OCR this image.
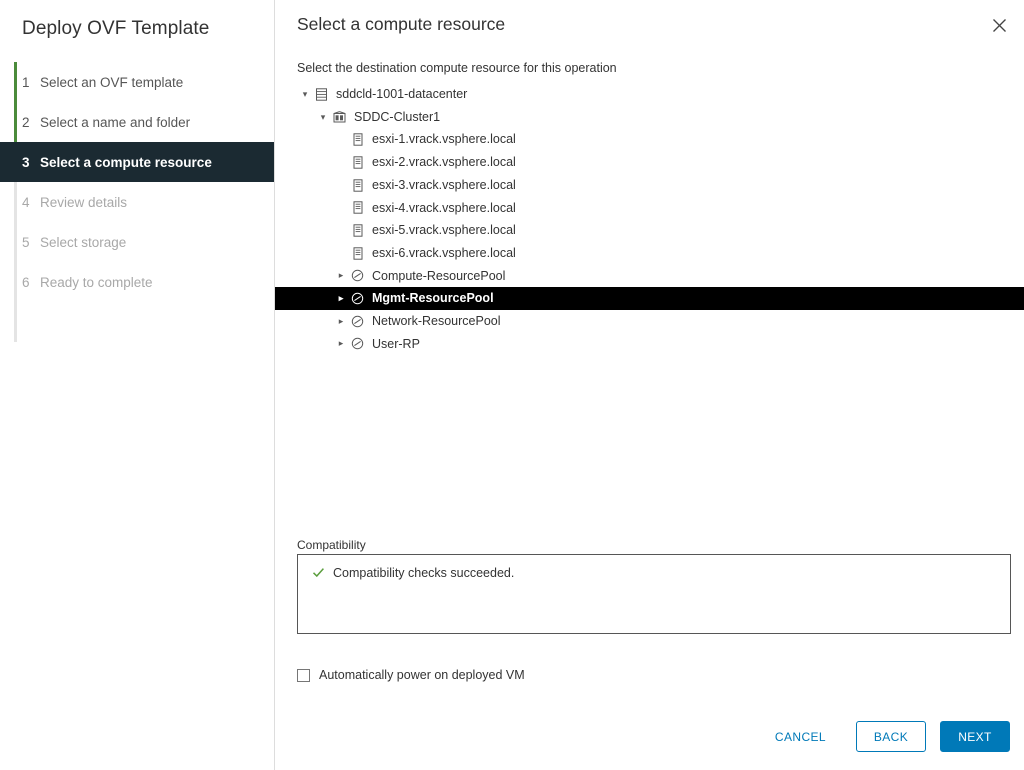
Deploy OVF Template
1 Select an OVF template
2 Select a name and folder
3 Select a compute resource
4 Review details
5 Select storage
6 Ready to complete
Select a compute resource
Select the destination compute resource for this operation
▾	sddcld-1001-datacenter
▾	SDDC-Cluster1
esxi-1.vrack.vsphere.local
esxi-2.vrack.vsphere.local
esxi-3.vrack.vsphere.local
esxi-4.vrack.vsphere.local
esxi-5.vrack.vsphere.local
esxi-6.vrack.vsphere.local
▸	Compute-ResourcePool
▸	Mgmt-ResourcePool
▸	Network-ResourcePool
▸	User-RP
Compatibility
Compatibility checks succeeded.
Automatically power on deployed VM
CANCEL	BACK	NEXT
